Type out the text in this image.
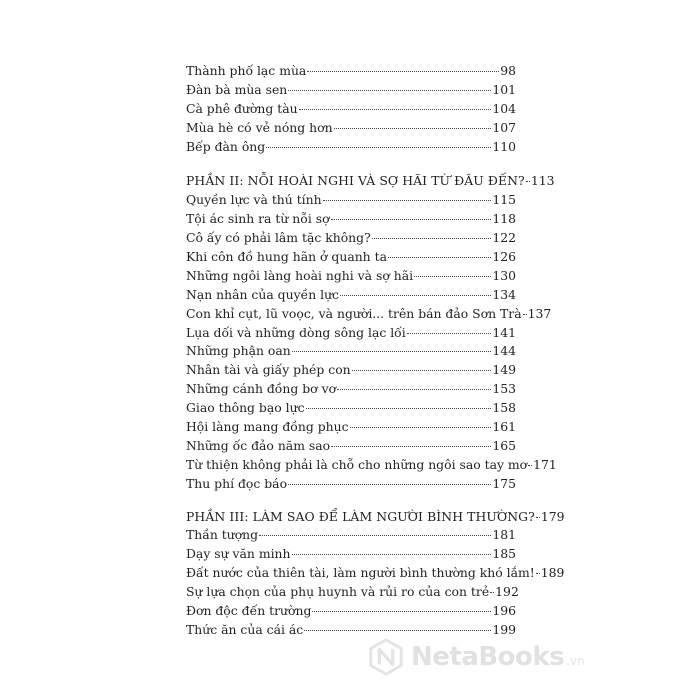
Thành phố lạc mùa	98
Đàn bà mùa sen	101
Cà phê đường tàu	104
Mùa hè có vẻ nóng hơn	107
Bếp đàn ông	110
PHẦN II: NỖI HOÀI NGHI VÀ SỢ HÃI TỪ ĐÂU ĐẾN? 113
Quyền lực và thú tính	115
Tội ác sinh ra từ nỗi sợ	118
Cô ấy có phải lâm tặc không?	122
Khi côn đồ hung hãn ở quanh ta	126
Những ngôi làng hoài nghi và sợ hãi	130
Nạn nhân của quyền lực	134
Con khỉ cụt, lũ voọc, và người... trên bán đảo Sơn Trà 137
Lụa dối và những dòng sông lạc lối	141
Những phận oan	144
Nhân tài và giấy phép con	149
Những cánh đồng bơ vơ	153
Giao thông bạo lực	158
Hội làng mang đồng phục	161
Những ốc đảo năm sao	165
Từ thiện không phải là chỗ cho những ngôi sao tay mơ 171
Thu phí đọc báo	175
PHẦN III: LÀM SAO ĐỂ LÀM NGƯỜI BÌNH THƯỜNG? 179
Thần tượng	181
Dạy sự văn minh	185
Đất nước của thiên tài, làm người bình thường khó lắm! 189
Sự lựa chọn của phụ huynh và rủi ro của con trẻ 192
Đơn độc đến trường	196
Thức ăn của cái ác	199
NetaBooks .vn
